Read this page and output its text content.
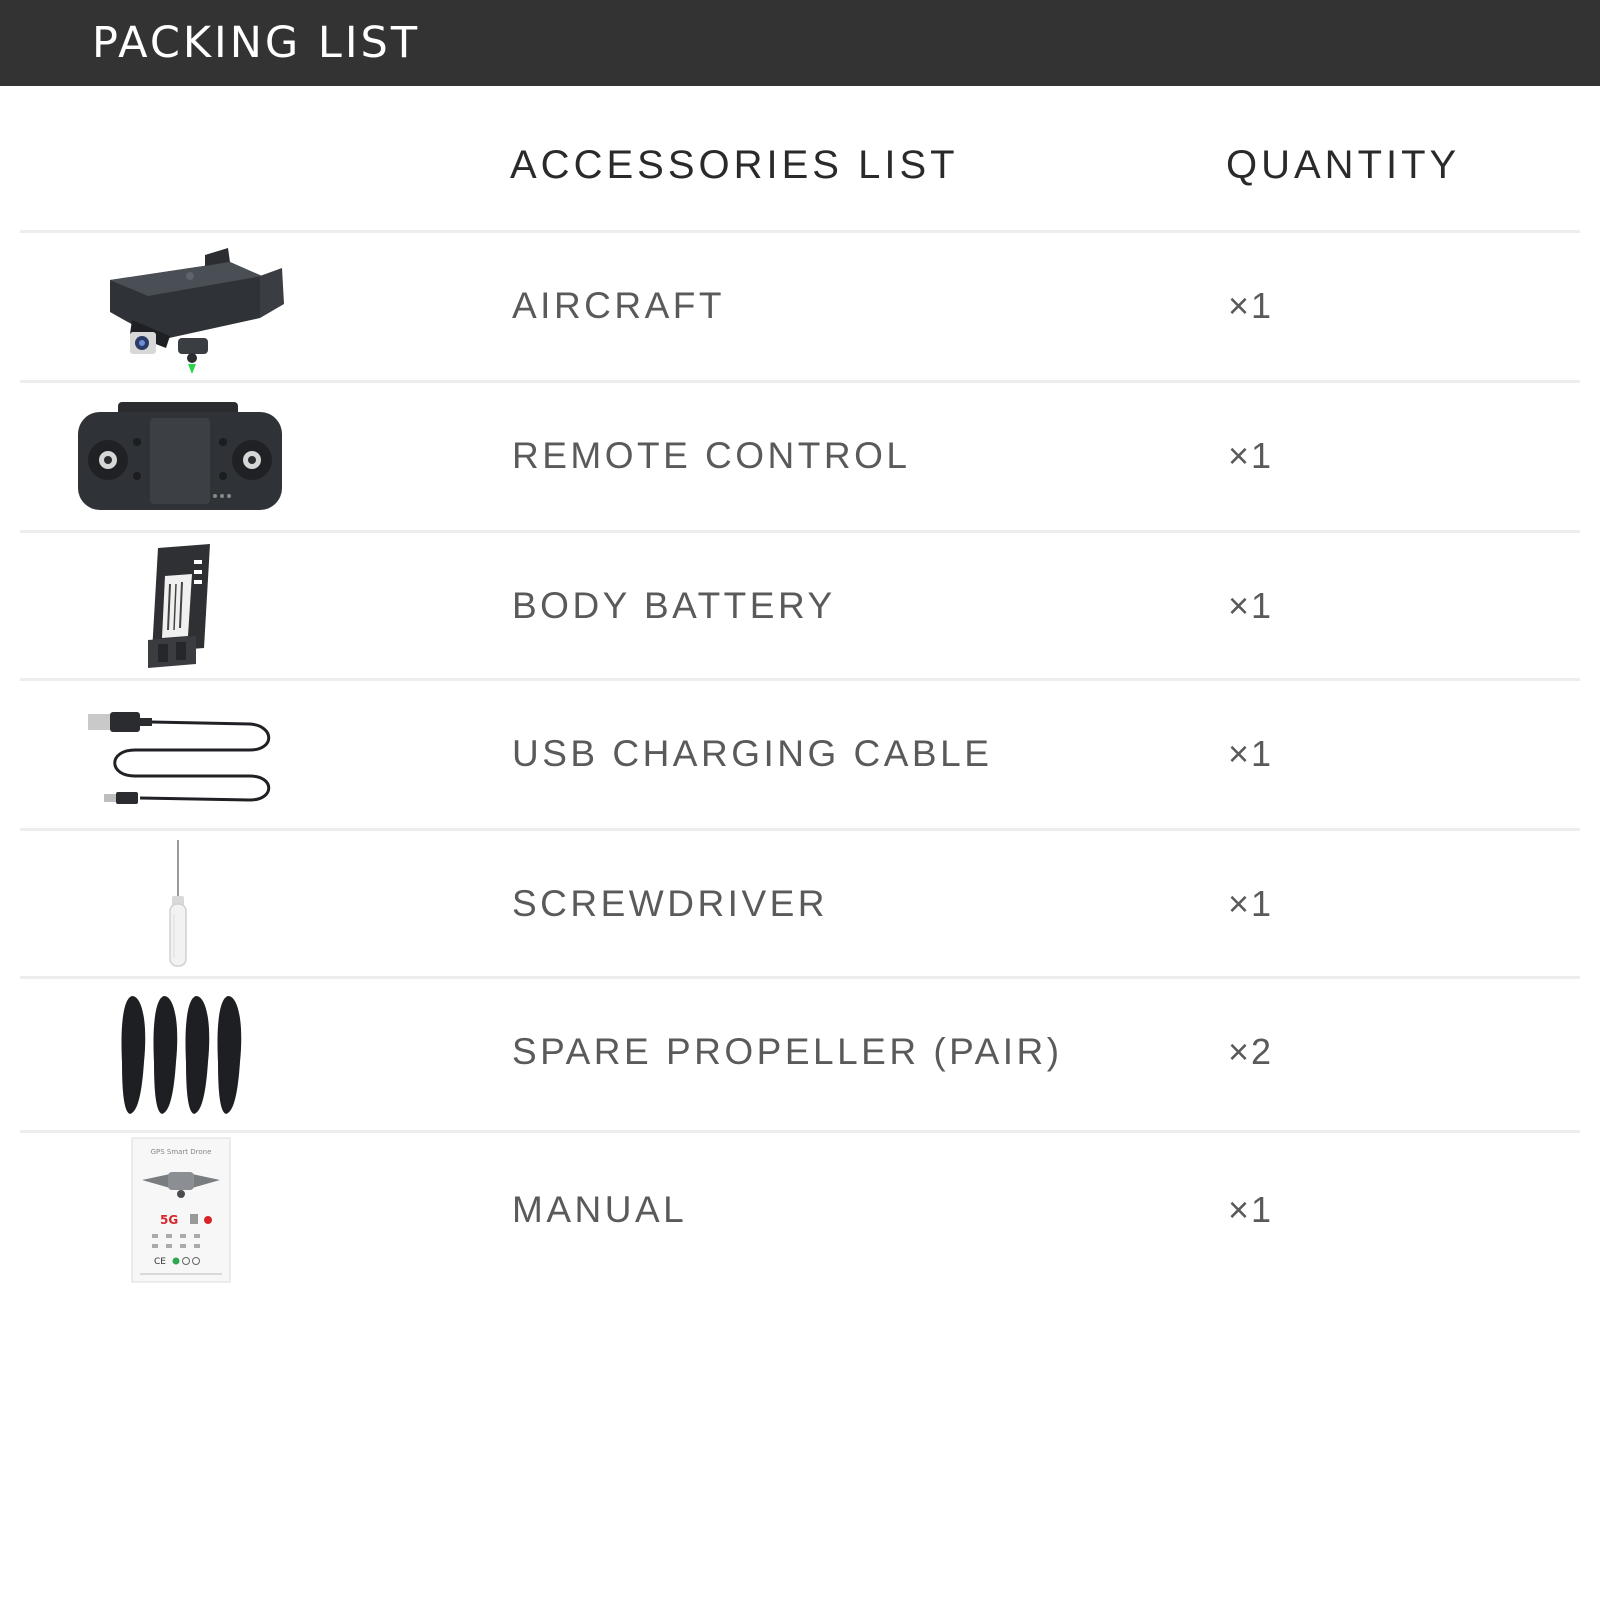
PACKING LIST
ACCESSORIES LIST	QUANTITY
AIRCRAFT	×1
REMOTE CONTROL	×1
BODY BATTERY	×1
USB CHARGING CABLE	×1
SCREWDRIVER	×1
SPARE PROPELLER (PAIR)	×2
GPS Smart Drone
5G
CE
MANUAL	×1
